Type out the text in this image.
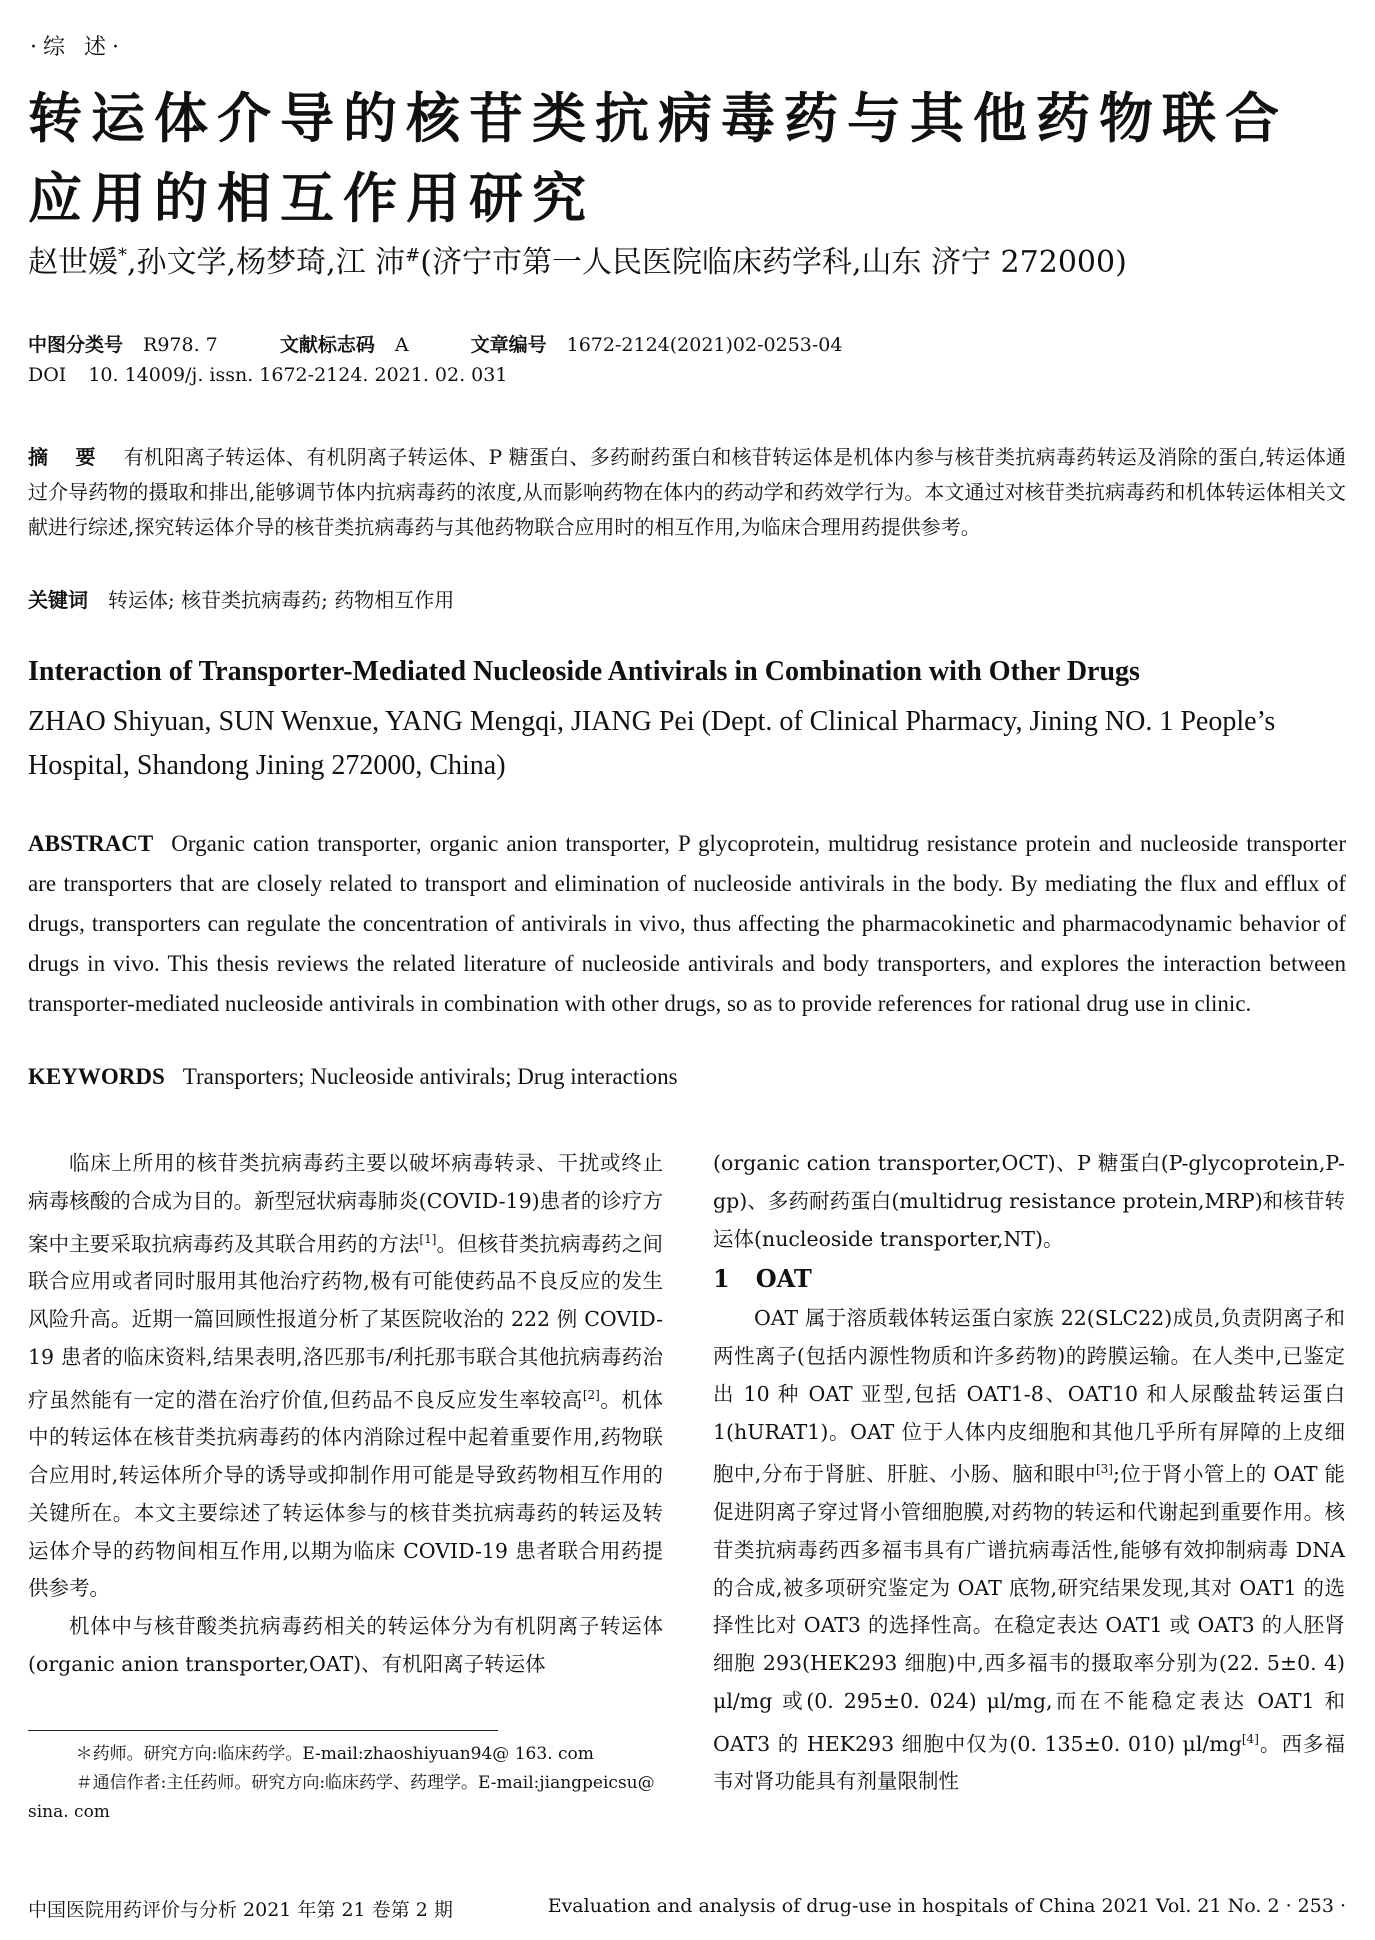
·综 述·
转运体介导的核苷类抗病毒药与其他药物联合应用的相互作用研究
赵世媛*,孙文学,杨梦琦,江 沛#(济宁市第一人民医院临床药学科,山东 济宁 272000)
中图分类号 R978. 7	文献标志码 A	文章编号 1672-2124(2021)02-0253-04
DOI 10. 14009/j. issn. 1672-2124. 2021. 02. 031

摘 要 有机阳离子转运体、有机阴离子转运体、P 糖蛋白、多药耐药蛋白和核苷转运体是机体内参与核苷类抗病毒药转运及消除的蛋白,转运体通过介导药物的摄取和排出,能够调节体内抗病毒药的浓度,从而影响药物在体内的药动学和药效学行为。本文通过对核苷类抗病毒药和机体转运体相关文献进行综述,探究转运体介导的核苷类抗病毒药与其他药物联合应用时的相互作用,为临床合理用药提供参考。

关键词 转运体; 核苷类抗病毒药; 药物相互作用
Interaction of Transporter-Mediated Nucleoside Antivirals in Combination with Other Drugs

ZHAO Shiyuan, SUN Wenxue, YANG Mengqi, JIANG Pei (Dept. of Clinical Pharmacy, Jining NO. 1 People’s Hospital, Shandong Jining 272000, China)

ABSTRACT Organic cation transporter, organic anion transporter, P glycoprotein, multidrug resistance protein and nucleoside transporter are transporters that are closely related to transport and elimination of nucleoside antivirals in the body. By mediating the flux and efflux of drugs, transporters can regulate the concentration of antivirals in vivo, thus affecting the pharmacokinetic and pharmacodynamic behavior of drugs in vivo. This thesis reviews the related literature of nucleoside antivirals and body transporters, and explores the interaction between transporter-mediated nucleoside antivirals in combination with other drugs, so as to provide references for rational drug use in clinic.

KEYWORDS Transporters; Nucleoside antivirals; Drug interactions

临床上所用的核苷类抗病毒药主要以破坏病毒转录、干扰或终止病毒核酸的合成为目的。新型冠状病毒肺炎(COVID-19)患者的诊疗方案中主要采取抗病毒药及其联合用药的方法[1]。但核苷类抗病毒药之间联合应用或者同时服用其他治疗药物,极有可能使药品不良反应的发生风险升高。近期一篇回顾性报道分析了某医院收治的 222 例 COVID-19 患者的临床资料,结果表明,洛匹那韦/利托那韦联合其他抗病毒药治疗虽然能有一定的潜在治疗价值,但药品不良反应发生率较高[2]。机体中的转运体在核苷类抗病毒药的体内消除过程中起着重要作用,药物联合应用时,转运体所介导的诱导或抑制作用可能是导致药物相互作用的关键所在。本文主要综述了转运体参与的核苷类抗病毒药的转运及转运体介导的药物间相互作用,以期为临床 COVID-19 患者联合用药提供参考。

机体中与核苷酸类抗病毒药相关的转运体分为有机阴离子转运体(organic anion transporter,OAT)、有机阳离子转运体

(organic cation transporter,OCT)、P 糖蛋白(P-glycoprotein,P-gp)、多药耐药蛋白(multidrug resistance protein,MRP)和核苷转运体(nucleoside transporter,NT)。

1 OAT

OAT 属于溶质载体转运蛋白家族 22(SLC22)成员,负责阴离子和两性离子(包括内源性物质和许多药物)的跨膜运输。在人类中,已鉴定出 10 种 OAT 亚型,包括 OAT1-8、OAT10 和人尿酸盐转运蛋白 1(hURAT1)。OAT 位于人体内皮细胞和其他几乎所有屏障的上皮细胞中,分布于肾脏、肝脏、小肠、脑和眼中[3];位于肾小管上的 OAT 能促进阴离子穿过肾小管细胞膜,对药物的转运和代谢起到重要作用。核苷类抗病毒药西多福韦具有广谱抗病毒活性,能够有效抑制病毒 DNA 的合成,被多项研究鉴定为 OAT 底物,研究结果发现,其对 OAT1 的选择性比对 OAT3 的选择性高。在稳定表达 OAT1 或 OAT3 的人胚肾细胞 293(HEK293 细胞)中,西多福韦的摄取率分别为(22. 5±0. 4) μl/mg 或(0. 295±0. 024) μl/mg,而在不能稳定表达 OAT1 和 OAT3 的 HEK293 细胞中仅为(0. 135±0. 010) μl/mg[4]。西多福韦对肾功能具有剂量限制性

＊药师。研究方向:临床药学。E-mail:zhaoshiyuan94@ 163. com

＃通信作者:主任药师。研究方向:临床药学、药理学。E-mail:jiangpeicsu@ sina. com

中国医院用药评价与分析 2021 年第 21 卷第 2 期	Evaluation and analysis of drug-use in hospitals of China 2021 Vol. 21 No. 2 · 253 ·
